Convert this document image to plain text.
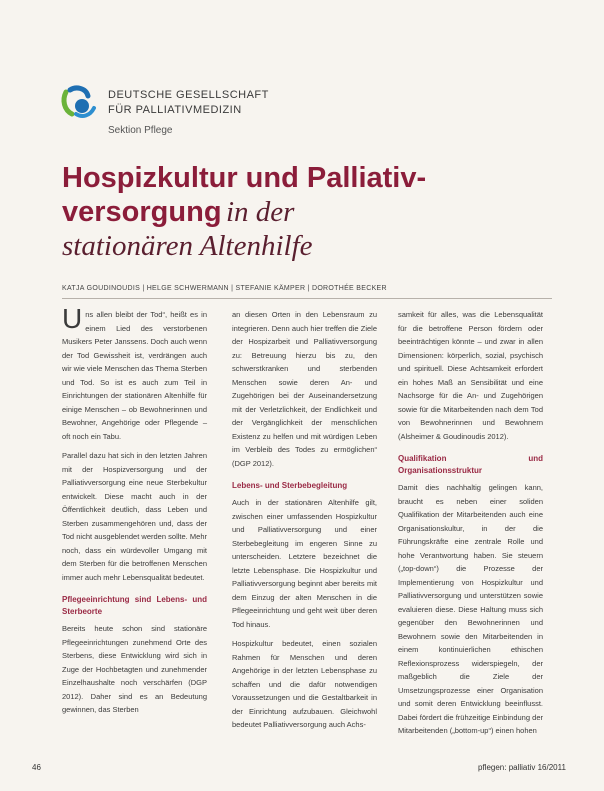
DEUTSCHE GESELLSCHAFT
FÜR PALLIATIVMEDIZIN
Sektion Pflege
Hospizkultur und Palliativ-
versorgung in der
stationären Altenhilfe
KATJA GOUDINOUDIS | HELGE SCHWERMANN | STEFANIE KÄMPER | DOROTHÉE BECKER

Uns allen bleibt der Tod“, heißt es in einem Lied des verstorbenen Musikers Peter Janssens. Doch auch wenn der Tod Gewissheit ist, verdrängen auch wir wie viele Menschen das Thema Sterben und Tod. So ist es auch zum Teil in Einrichtungen der stationären Altenhilfe für einige Menschen – ob Bewohnerinnen und Bewohner, Angehörige oder Pflegende – oft noch ein Tabu.

Parallel dazu hat sich in den letzten Jahren mit der Hospizversorgung und der Palliativversorgung eine neue Sterbekultur entwickelt. Diese macht auch in der Öffentlichkeit deutlich, dass Leben und Sterben zusammengehören und, dass der Tod nicht ausgeblendet werden sollte. Mehr noch, dass ein würdevoller Umgang mit dem Sterben für die betroffenen Menschen immer auch mehr Lebensqualität bedeutet.

Pflegeeinrichtung sind Lebens- und Sterbeorte

Bereits heute schon sind stationäre Pflegeeinrichtungen zunehmend Orte des Sterbens, diese Entwicklung wird sich in Zuge der Hochbetagten und zunehmender Einzelhaushalte noch verschärfen (DGP 2012). Daher sind es an Bedeutung gewinnen, das Sterben

an diesen Orten in den Lebensraum zu integrieren. Denn auch hier treffen die Ziele der Hospizarbeit und Palliativversorgung zu: Betreuung hierzu bis zu, den schwerstkranken und sterbenden Menschen sowie deren An- und Zugehörigen bei der Auseinandersetzung mit der Verletzlichkeit, der Endlichkeit und der Vergänglichkeit der menschlichen Existenz zu helfen und mit würdigen Leben im Verbleib des Todes zu ermöglichen“ (DGP 2012).

Lebens- und Sterbebegleitung

Auch in der stationären Altenhilfe gilt, zwischen einer umfassenden Hospizkultur und Palliativversorgung und einer Sterbebegleitung im engeren Sinne zu unterscheiden. Letztere bezeichnet die letzte Lebensphase. Die Hospizkultur und Palliativversorgung beginnt aber bereits mit dem Einzug der alten Menschen in die Pflegeeinrichtung und geht weit über deren Tod hinaus.

Hospizkultur bedeutet, einen sozialen Rahmen für Menschen und deren Angehörige in der letzten Lebensphase zu schaffen und die dafür notwendigen Voraussetzungen und die Gestaltbarkeit in der Einrichtung aufzubauen. Gleichwohl bedeutet Palliativversorgung auch Achs-

samkeit für alles, was die Lebensqualität für die betroffene Person fördern oder beeinträchtigen könnte – und zwar in allen Dimensionen: körperlich, sozial, psychisch und spirituell. Diese Achtsamkeit erfordert ein hohes Maß an Sensibilität und eine Nachsorge für die An- und Zugehörigen sowie für die Mitarbeitenden nach dem Tod von Bewohnerinnen und Bewohnern (Alsheimer & Goudinoudis 2012).

Qualifikation und Organisationsstruktur

Damit dies nachhaltig gelingen kann, braucht es neben einer soliden Qualifikation der Mitarbeitenden auch eine Organisationskultur, in der die Führungskräfte eine zentrale Rolle und hohe Verantwortung haben. Sie steuern („top-down“) die Prozesse der Implementierung von Hospizkultur und Palliativversorgung und unterstützen sowie evaluieren diese. Diese Haltung muss sich gegenüber den Bewohnerinnen und Bewohnern sowie den Mitarbeitenden in einem kontinuierlichen ethischen Reflexionsprozess widerspiegeln, der maßgeblich die Ziele der Umsetzungsprozesse einer Organisation und somit deren Entwicklung beeinflusst. Dabei fördert die frühzeitige Einbindung der Mitarbeitenden („bottom-up“) einen hohen

46	pflegen: palliativ 16/2011
